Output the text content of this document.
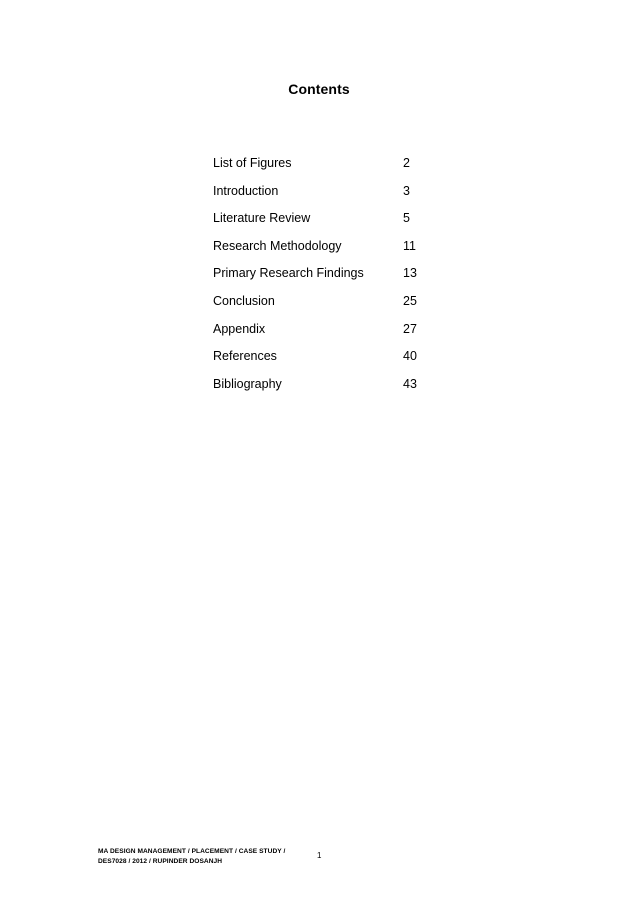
Contents
List of Figures	2
Introduction	3
Literature Review	5
Research Methodology	11
Primary Research Findings	13
Conclusion	25
Appendix	27
References	40
Bibliography	43
MA DESIGN MANAGEMENT / PLACEMENT / CASE STUDY /
DES7028 / 2012 / RUPINDER DOSANJH
1
